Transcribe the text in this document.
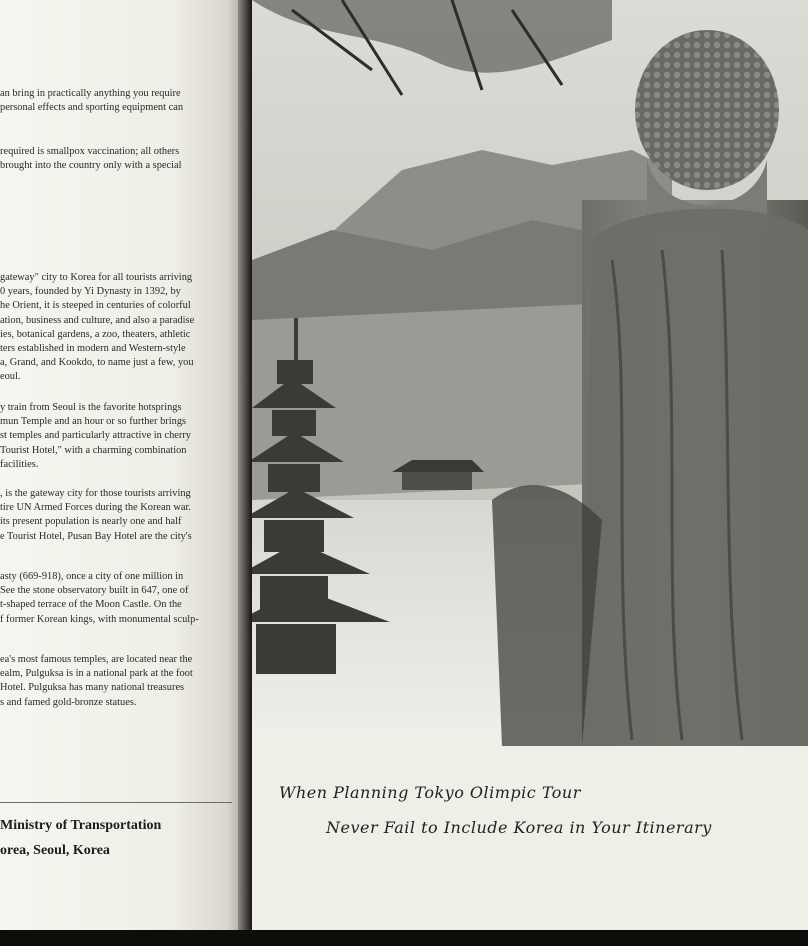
an bring in practically anything you require
personal effects and sporting equipment can
required is smallpox vaccination; all others
brought into the country only with a special
gateway" city to Korea for all tourists arriving
0 years, founded by Yi Dynasty in 1392, by
he Orient, it is steeped in centuries of colorful
ation, business and culture, and also a paradise
ies, botanical gardens, a zoo, theaters, athletic
ters established in modern and Western-style
a, Grand, and Kookdo, to name just a few, you
eoul.
y train from Seoul is the favorite hotsprings
mun Temple and an hour or so further brings
st temples and particularly attractive in cherry
Tourist Hotel," with a charming combination
facilities.
, is the gateway city for those tourists arriving
tire UN Armed Forces during the Korean war.
its present population is nearly one and half
e Tourist Hotel, Pusan Bay Hotel are the city's
asty (669-918), once a city of one million in
See the stone observatory built in 647, one of
t-shaped terrace of the Moon Castle. On the
f former Korean kings, with monumental sculp-
ea's most famous temples, are located near the
ealm, Pulguksa is in a national park at the foot
Hotel. Pulguksa has many national treasures
s and famed gold-bronze statues.
Ministry of Transportation
orea, Seoul, Korea
When Planning Tokyo Olimpic Tour
Never Fail to Include Korea in Your Itinerary
